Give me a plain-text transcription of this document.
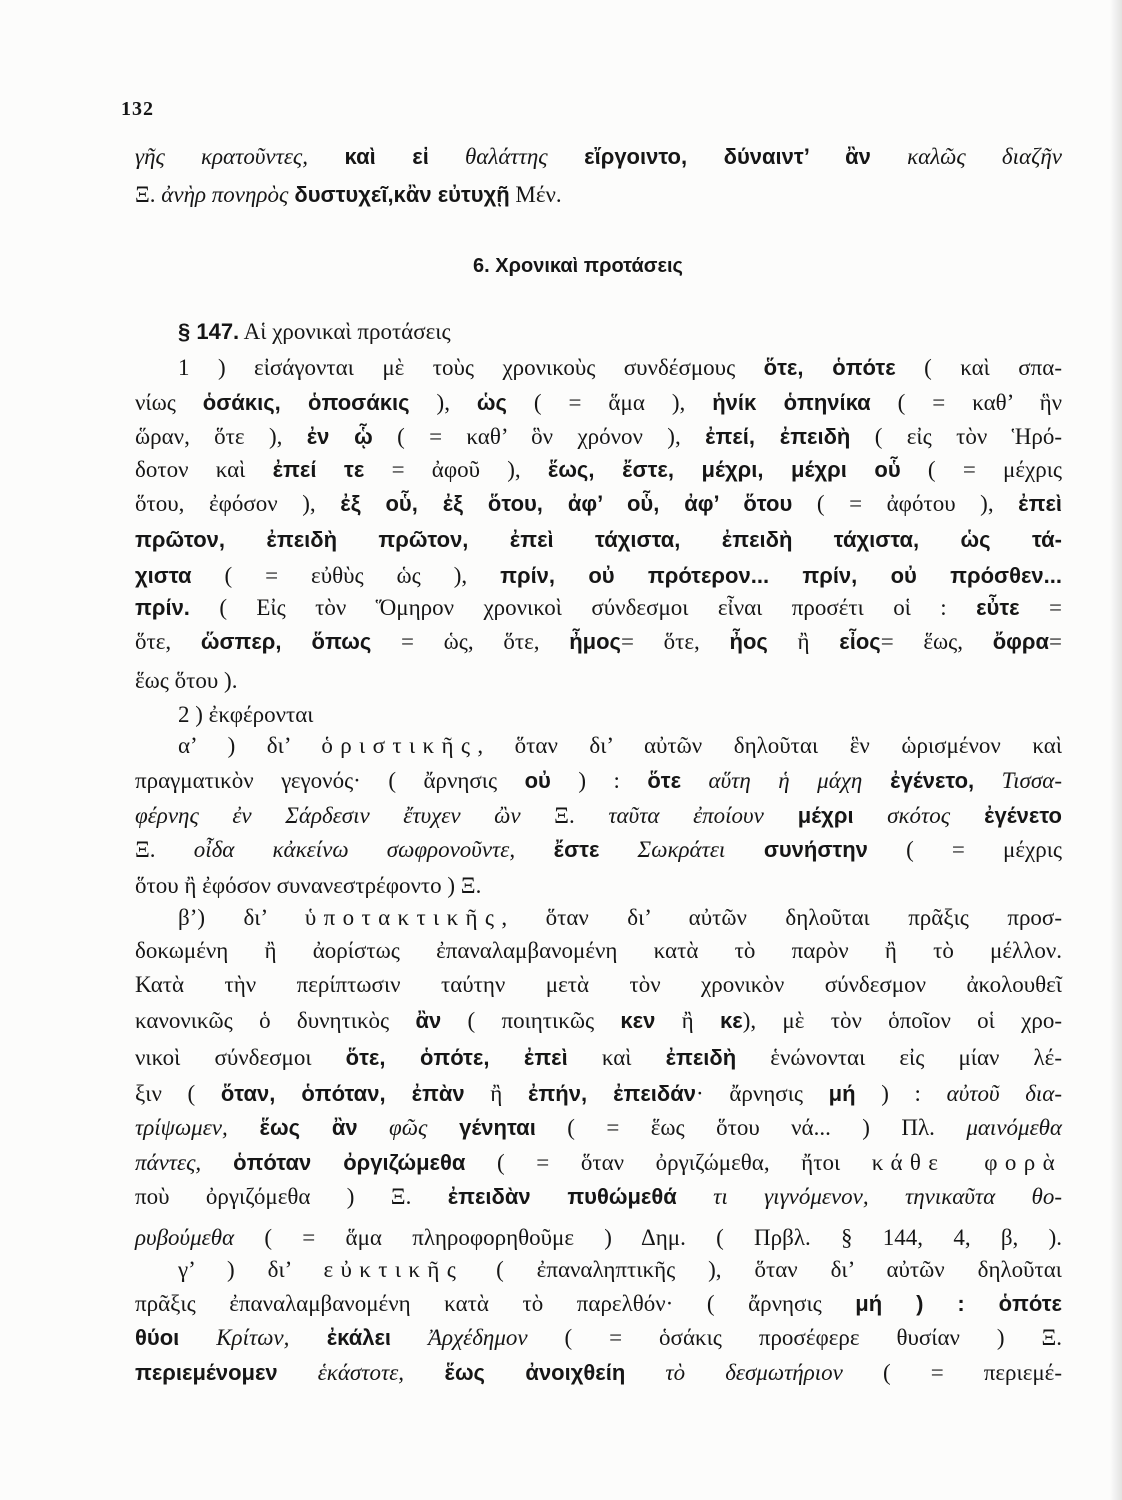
132
γῆς κρατοῦντες, καὶ εἰ θαλάττης εἴργοιντο, δύναιντ’ ἂν καλῶς διαζῆν
Ξ. ἀνὴρ πονηρὸς δυστυχεῖ,κἂν εὐτυχῇ Μέν.
6. Χρονικαὶ προτάσεις
§ 147. Αἱ χρονικαὶ προτάσεις
1 ) εἰσάγονται μὲ τοὺς χρονικοὺς συνδέσμους ὅτε, ὁπότε ( καὶ σπα-
νίως ὁσάκις, ὁποσάκις ), ὡς ( = ἅμα ), ἡνίκ ὁπηνίκα ( = καθ’ ἣν
ὥραν, ὅτε ), ἐν ᾧ ( = καθ’ ὃν χρόνον ), ἐπεί, ἐπειδὴ ( εἰς τὸν Ἡρό-
δοτον καὶ ἐπεί τε = ἀφοῦ ), ἕως, ἔστε, μέχρι, μέχρι οὗ ( = μέχρις
ὅτου, ἐφόσον ), ἐξ οὗ, ἐξ ὅτου, ἀφ’ οὗ, ἀφ’ ὅτου ( = ἀφότου ), ἐπεὶ
πρῶτον, ἐπειδὴ πρῶτον, ἐπεὶ τάχιστα, ἐπειδὴ τάχιστα, ὡς τά-
χιστα ( = εὐθὺς ὡς ), πρίν, οὐ πρότερον... πρίν, οὐ πρόσθεν...
πρίν. ( Εἰς τὸν Ὅμηρον χρονικοὶ σύνδεσμοι εἶναι προσέτι οἱ : εὖτε =
ὅτε, ὥσπερ, ὅπως = ὡς, ὅτε, ἦμος= ὅτε, ἦος ἢ εἶος= ἕως, ὄφρα=
ἕως ὅτου ).
2 ) ἐκφέρονται
α’ ) δι’ ὁριστικῆς, ὅταν δι’ αὐτῶν δηλοῦται ἓν ὡρισμένον καὶ
πραγματικὸν γεγονός· ( ἄρνησις οὐ ) : ὅτε αὕτη ἡ μάχη ἐγένετο, Τισσα-
φέρνης ἐν Σάρδεσιν ἔτυχεν ὢν Ξ. ταῦτα ἐποίουν μέχρι σκότος ἐγένετο
Ξ. οἶδα κἀκείνω σωφρονοῦντε, ἔστε Σωκράτει συνήστην ( = μέχρις
ὅτου ἢ ἐφόσον συνανεστρέφοντο ) Ξ.
β’) δι’ ὑποτακτικῆς, ὅταν δι’ αὐτῶν δηλοῦται πρᾶξις προσ-
δοκωμένη ἢ ἀορίστως ἐπαναλαμβανομένη κατὰ τὸ παρὸν ἢ τὸ μέλλον.
Κατὰ τὴν περίπτωσιν ταύτην μετὰ τὸν χρονικὸν σύνδεσμον ἀκολουθεῖ
κανονικῶς ὁ δυνητικὸς ἂν ( ποιητικῶς κεν ἢ κε), μὲ τὸν ὁποῖον οἱ χρο-
νικοὶ σύνδεσμοι ὅτε, ὁπότε, ἐπεὶ καὶ ἐπειδὴ ἑνώνονται εἰς μίαν λέ-
ξιν ( ὅταν, ὁπόταν, ἐπὰν ἢ ἐπήν, ἐπειδάν· ἄρνησις μή ) : αὐτοῦ δια-
τρίψωμεν, ἕως ἂν φῶς γένηται ( = ἕως ὅτου νά... ) Πλ. μαινόμεθα
πάντες, ὁπόταν ὀργιζώμεθα ( = ὅταν ὀργιζώμεθα, ἤτοι κάθε φορὰ
ποὺ ὀργιζόμεθα ) Ξ. ἐπειδὰν πυθώμεθά τι γιγνόμενον, τηνικαῦτα θο-
ρυβούμεθα ( = ἅμα πληροφορηθοῦμε ) Δημ. ( Πρβλ. § 144, 4, β, ).
γ’ ) δι’ εὐκτικῆς ( ἐπαναληπτικῆς ), ὅταν δι’ αὐτῶν δηλοῦται
πρᾶξις ἐπαναλαμβανομένη κατὰ τὸ παρελθόν· ( ἄρνησις μή ) : ὁπότε
θύοι Κρίτων, ἐκάλει Ἀρχέδημον ( = ὁσάκις προσέφερε θυσίαν ) Ξ.
περιεμένομεν ἑκάστοτε, ἕως ἀνοιχθείη τὸ δεσμωτήριον ( = περιεμέ-
